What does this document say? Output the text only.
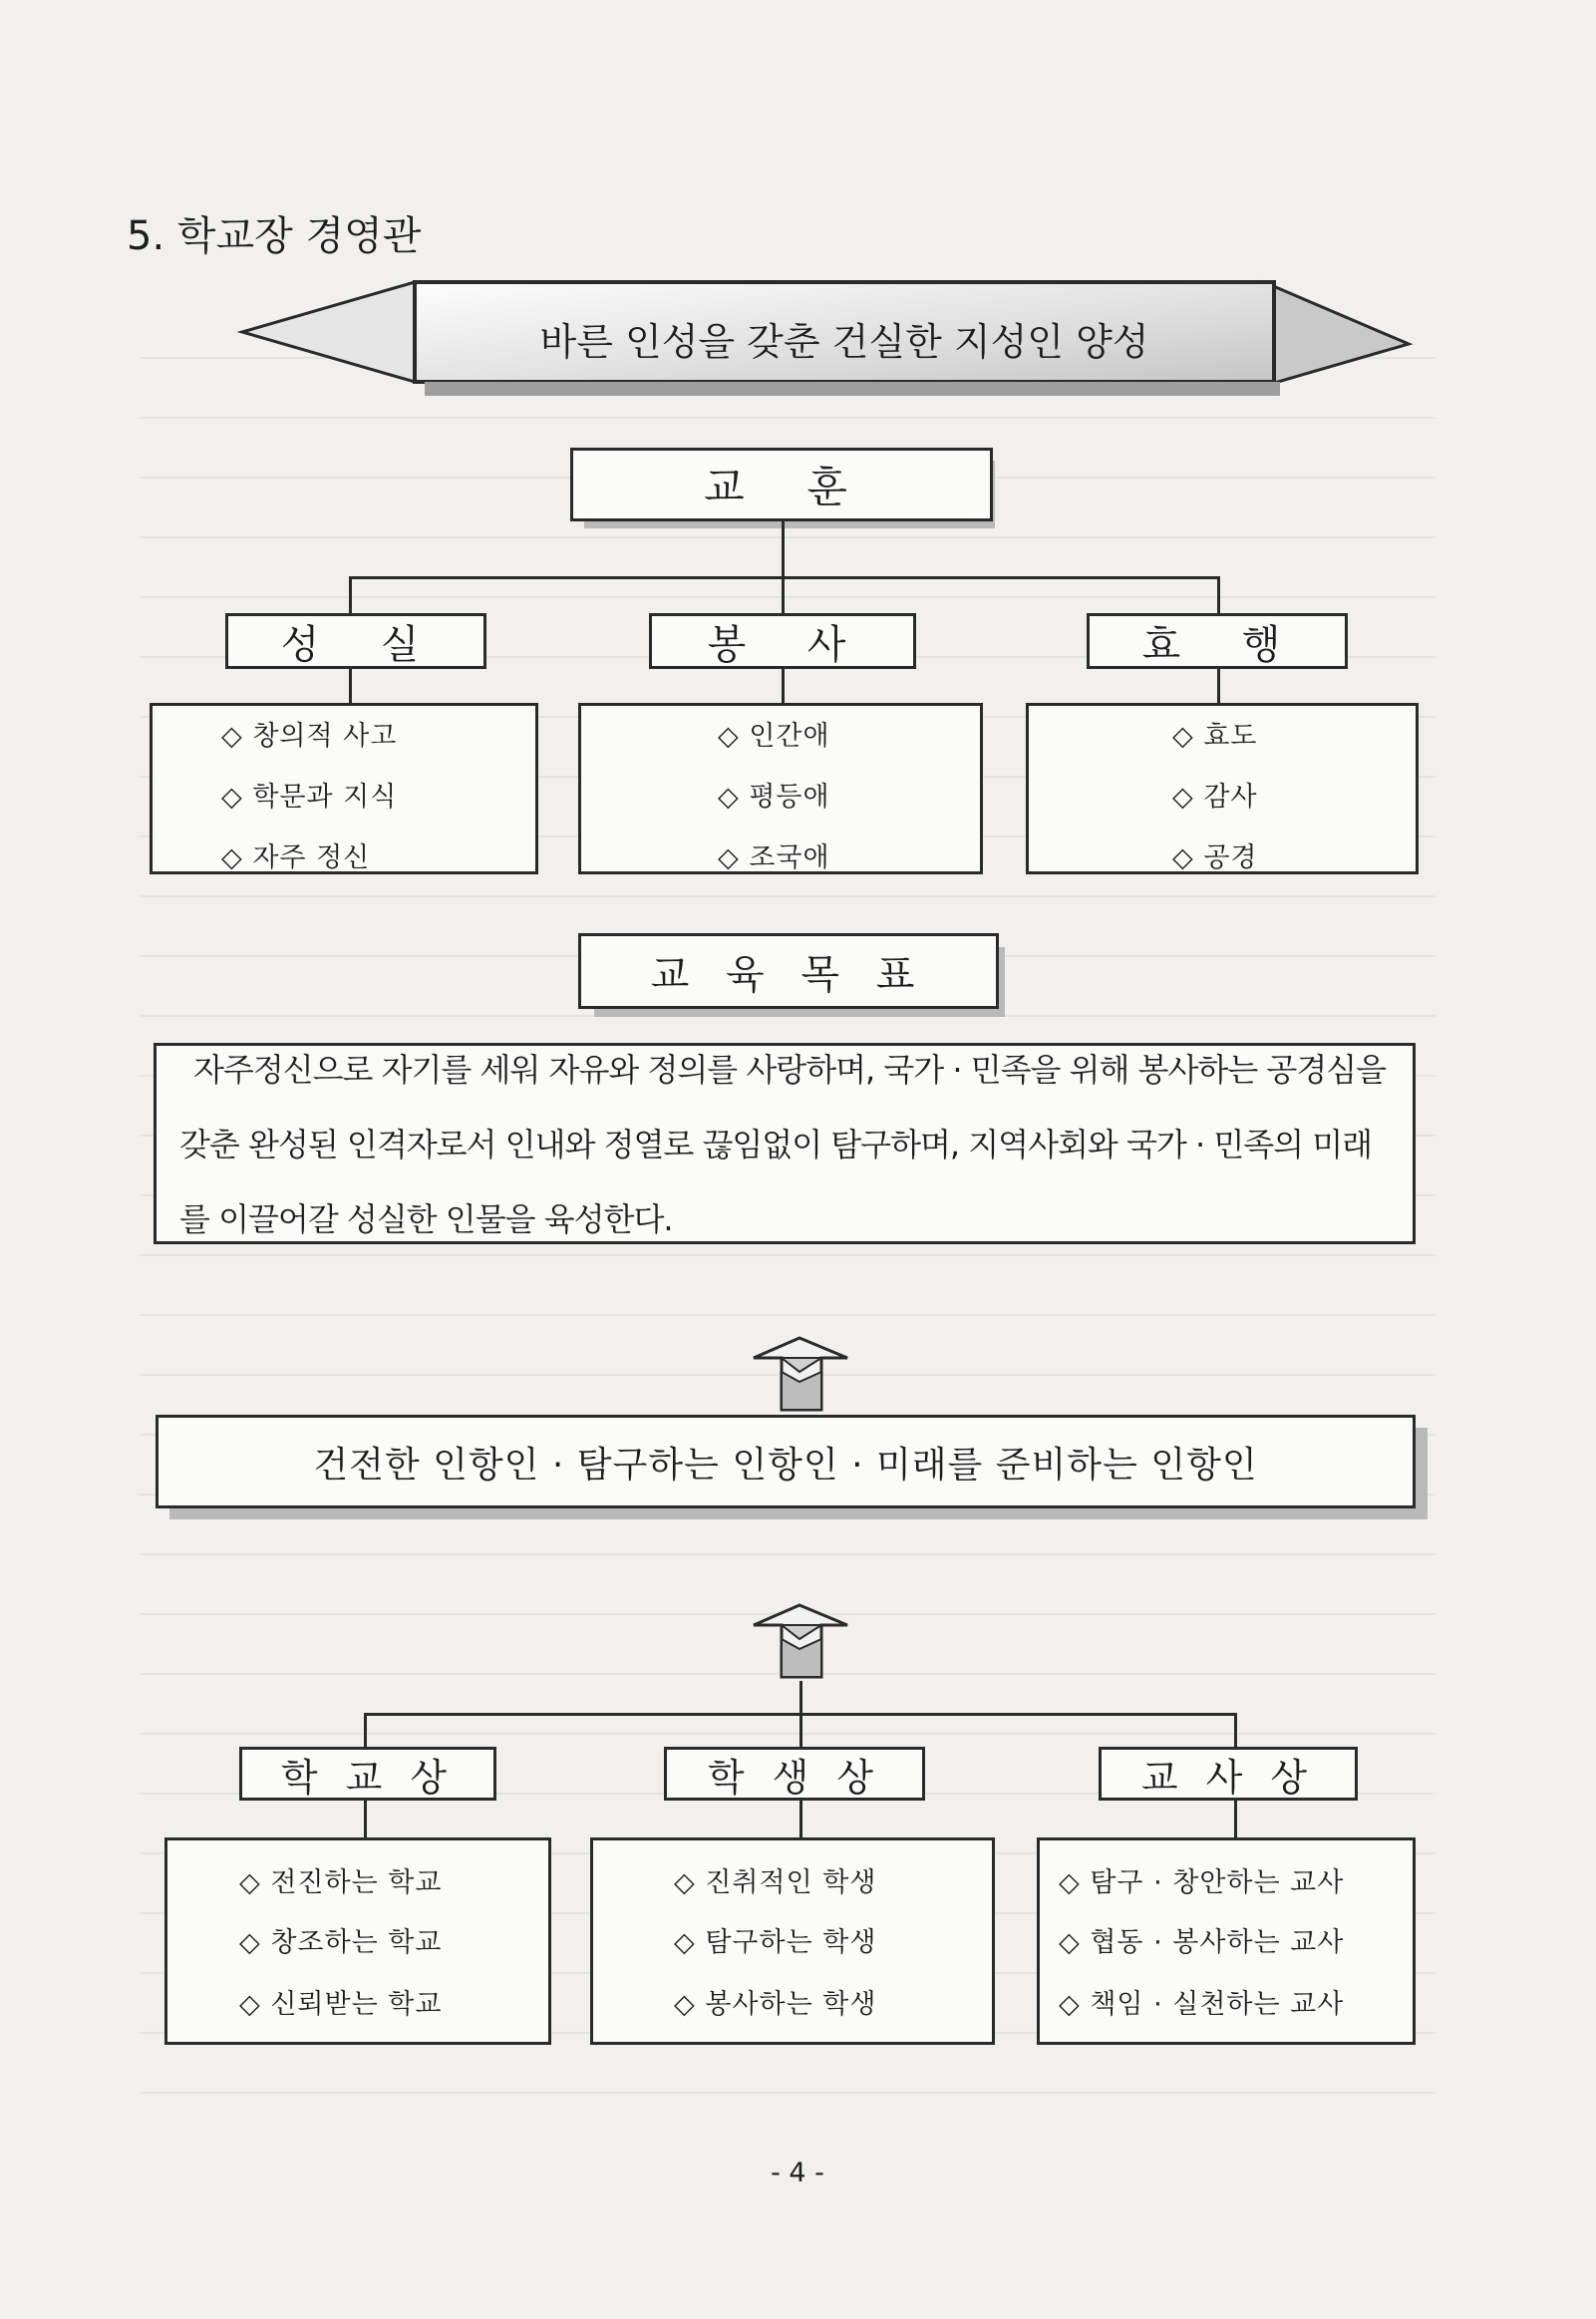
5. 학교장 경영관
바른 인성을 갖춘 건실한 지성인 양성
교  훈
성  실	봉  사	효  행
◇ 창의적 사고
◇ 학문과 지식
◇ 자주 정신
◇ 인간애
◇ 평등애
◇ 조국애
◇ 효도
◇ 감사
◇ 공경
교 육 목 표
자주정신으로 자기를 세워 자유와 정의를 사랑하며, 국가 · 민족을 위해 봉사하는 공경심을
갖춘 완성된 인격자로서 인내와 정열로 끊임없이 탐구하며, 지역사회와 국가 · 민족의 미래
를 이끌어갈 성실한 인물을 육성한다.
건전한 인항인 · 탐구하는 인항인 · 미래를 준비하는 인항인
학 교 상	학 생 상	교 사 상
◇ 전진하는 학교
◇ 창조하는 학교
◇ 신뢰받는 학교
◇ 진취적인 학생
◇ 탐구하는 학생
◇ 봉사하는 학생
◇ 탐구 · 창안하는 교사
◇ 협동 · 봉사하는 교사
◇ 책임 · 실천하는 교사
- 4 -
